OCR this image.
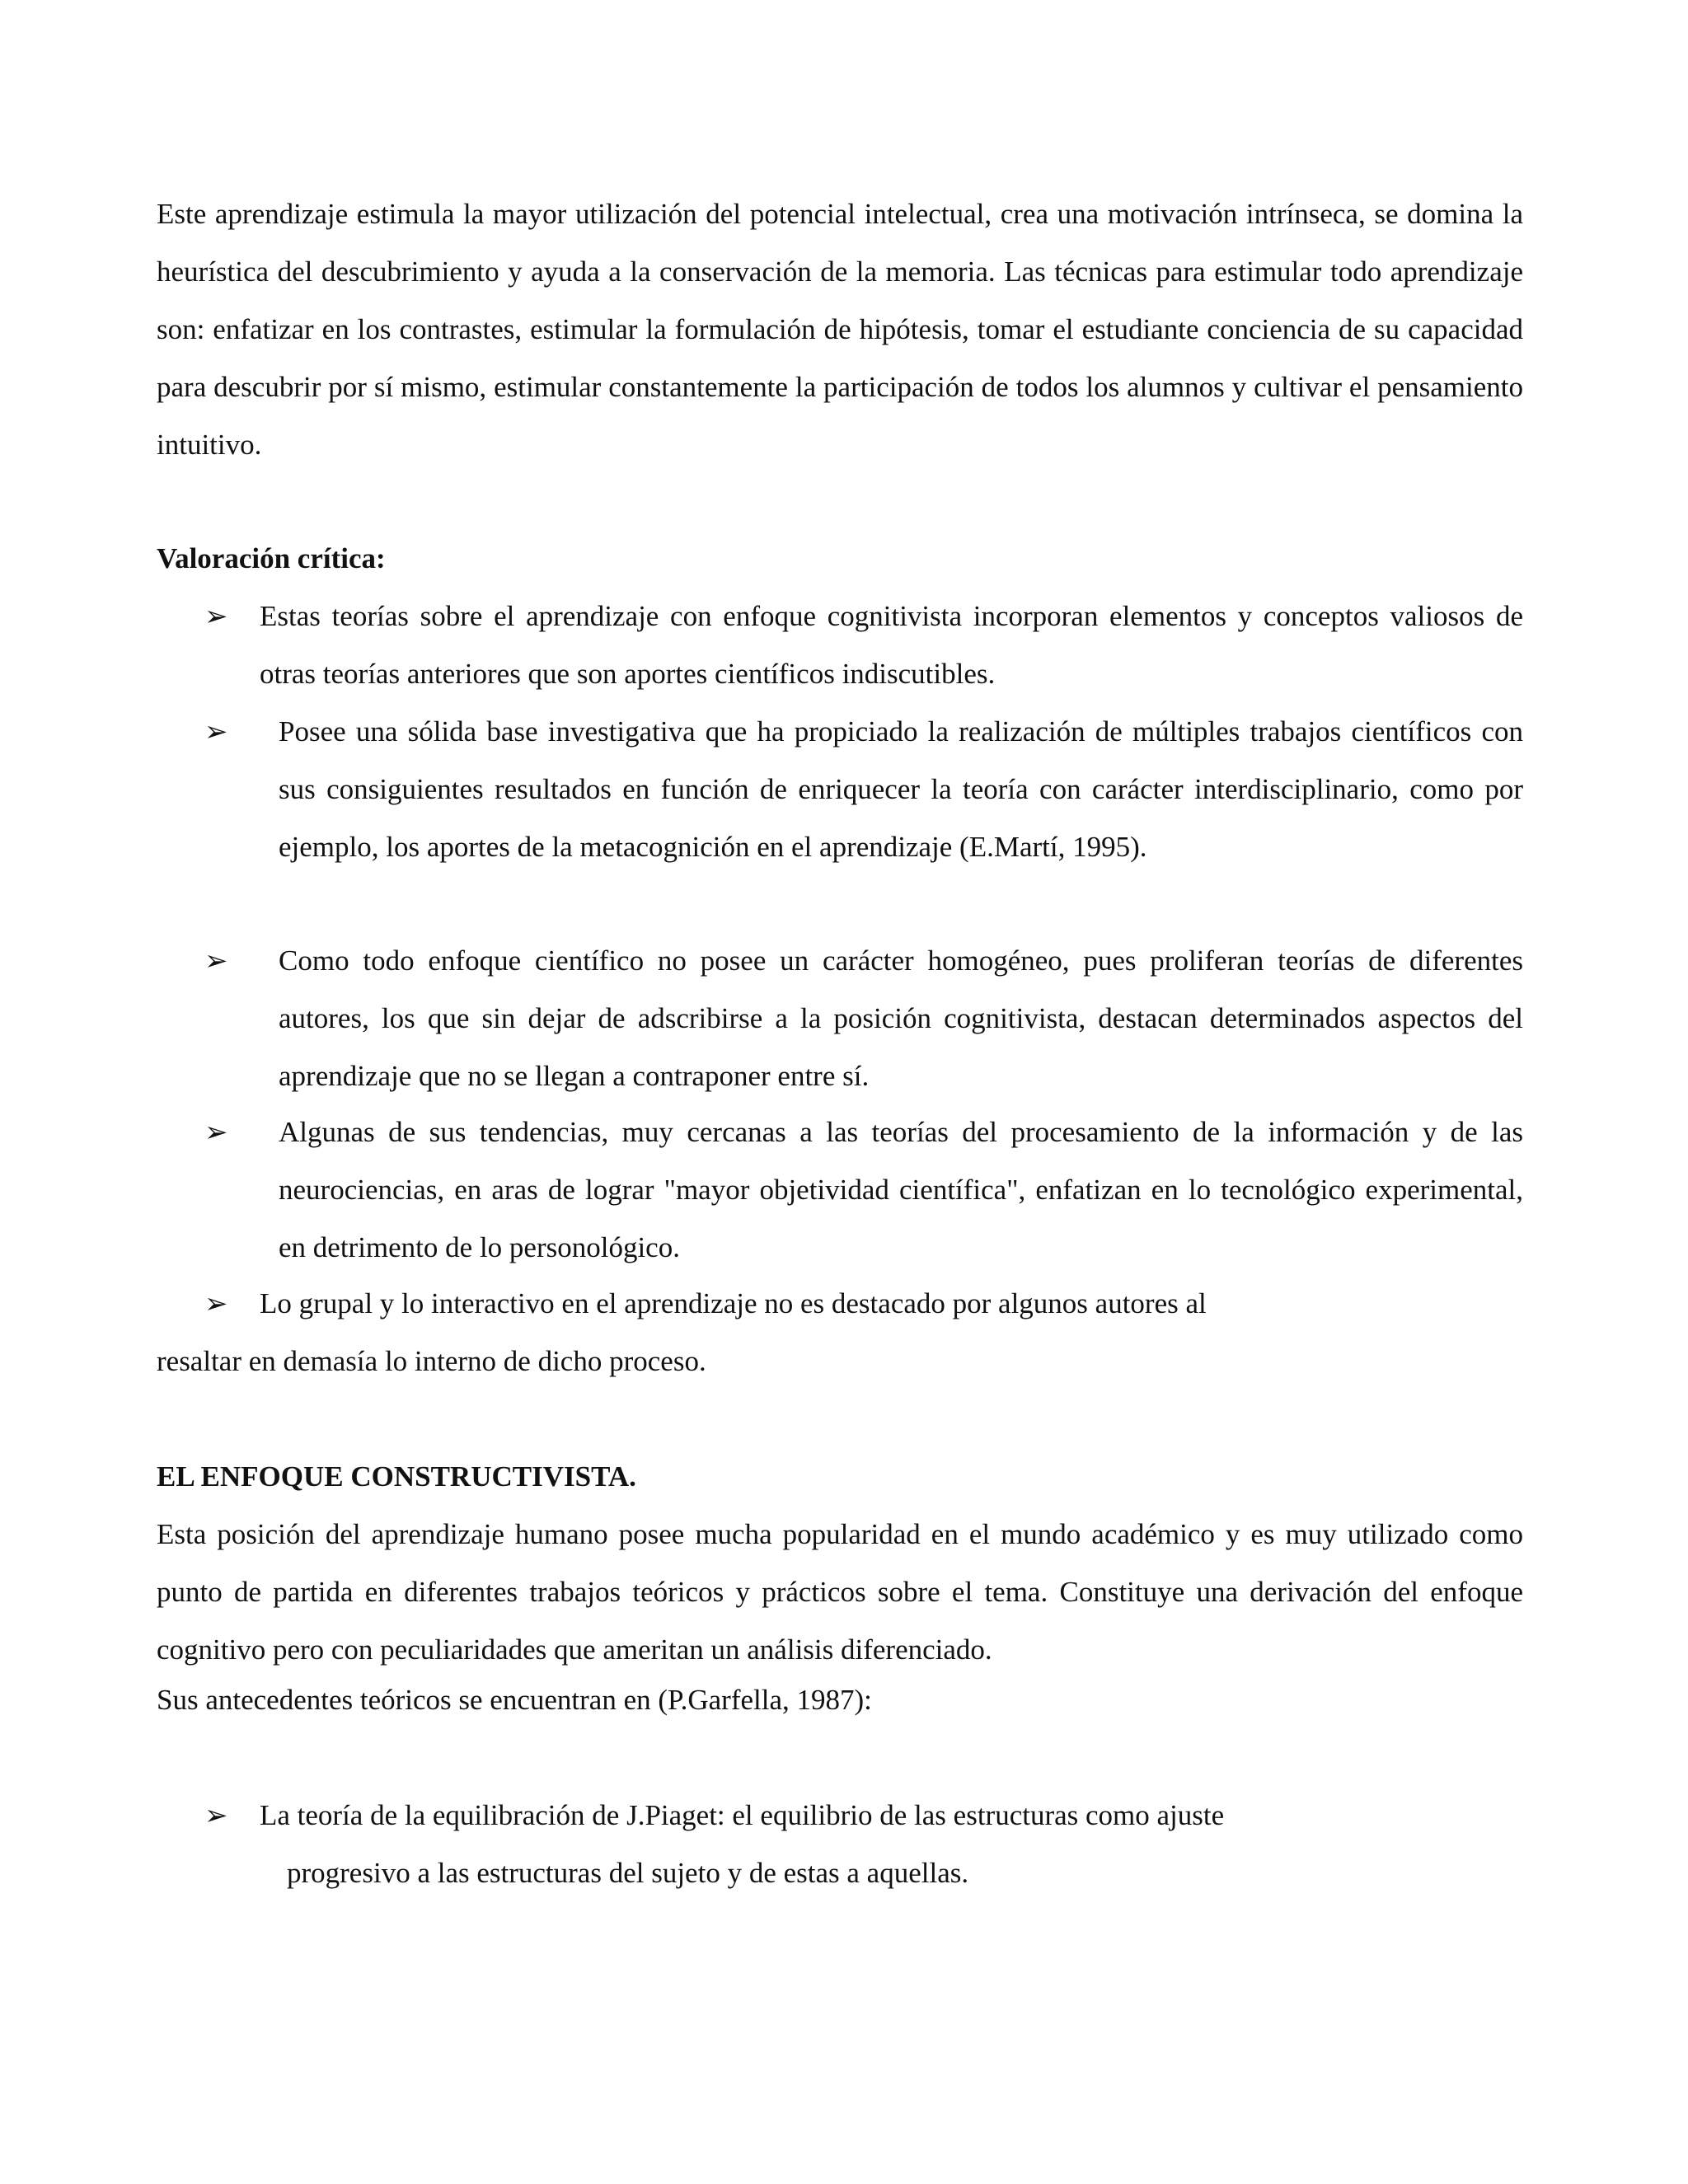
Este aprendizaje estimula la mayor utilización del potencial intelectual, crea una motivación intrínseca, se domina la heurística del descubrimiento y ayuda a la conservación de la memoria. Las técnicas para estimular todo aprendizaje son: enfatizar en los contrastes, estimular la formulación de hipótesis, tomar el estudiante conciencia de su capacidad para descubrir por sí mismo, estimular constantemente la participación de todos los alumnos y cultivar el pensamiento intuitivo.

Valoración crítica:

➢	Estas teorías sobre el aprendizaje con enfoque cognitivista incorporan elementos y conceptos valiosos de otras teorías anteriores que son aportes científicos indiscutibles.

➢	Posee una sólida base investigativa que ha propiciado la realización de múltiples trabajos científicos con sus consiguientes resultados en función de enriquecer la teoría con carácter interdisciplinario, como por ejemplo, los aportes de la metacognición en el aprendizaje (E.Martí, 1995).

➢	Como todo enfoque científico no posee un carácter homogéneo, pues proliferan teorías de diferentes autores, los que sin dejar de adscribirse a la posición cognitivista, destacan determinados aspectos del aprendizaje que no se llegan a contraponer entre sí.

➢	Algunas de sus tendencias, muy cercanas a las teorías del procesamiento de la información y de las neurociencias, en aras de lograr "mayor objetividad científica", enfatizan en lo tecnológico experimental, en detrimento de lo personológico.

➢	Lo grupal y lo interactivo en el aprendizaje no es destacado por algunos autores al

resaltar en demasía lo interno de dicho proceso.

EL ENFOQUE CONSTRUCTIVISTA.

Esta posición del aprendizaje humano posee mucha popularidad en el mundo académico y es muy utilizado como punto de partida en diferentes trabajos teóricos y prácticos sobre el tema. Constituye una derivación del enfoque cognitivo pero con peculiaridades que ameritan un análisis diferenciado.

Sus antecedentes teóricos se encuentran en (P.Garfella, 1987):

➢	La teoría de la equilibración de J.Piaget: el equilibrio de las estructuras como ajuste

progresivo a las estructuras del sujeto y de estas a aquellas.
